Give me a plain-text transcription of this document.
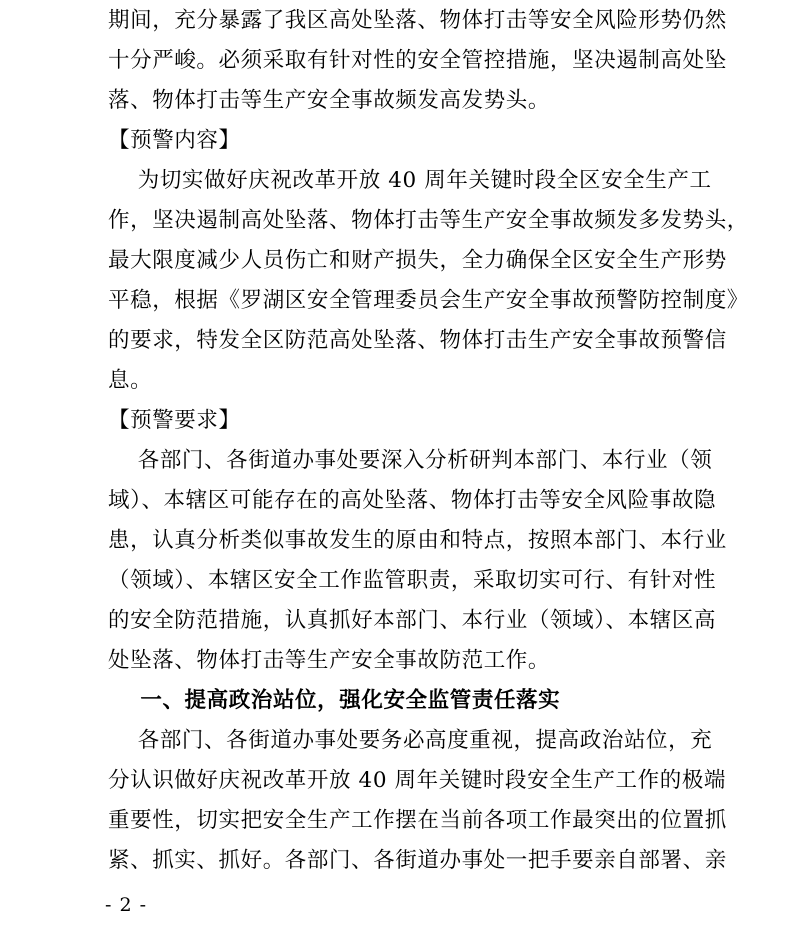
期间，充分暴露了我区高处坠落、物体打击等安全风险形势仍然
十分严峻。必须采取有针对性的安全管控措施，坚决遏制高处坠
落、物体打击等生产安全事故频发高发势头。
【预警内容】
为切实做好庆祝改革开放 40 周年关键时段全区安全生产工
作，坚决遏制高处坠落、物体打击等生产安全事故频发多发势头，
最大限度减少人员伤亡和财产损失，全力确保全区安全生产形势
平稳，根据《罗湖区安全管理委员会生产安全事故预警防控制度》
的要求，特发全区防范高处坠落、物体打击生产安全事故预警信
息。
【预警要求】
各部门、各街道办事处要深入分析研判本部门、本行业（领
域）、本辖区可能存在的高处坠落、物体打击等安全风险事故隐
患，认真分析类似事故发生的原由和特点，按照本部门、本行业
（领域）、本辖区安全工作监管职责，采取切实可行、有针对性
的安全防范措施，认真抓好本部门、本行业（领域）、本辖区高
处坠落、物体打击等生产安全事故防范工作。
一、提高政治站位，强化安全监管责任落实
各部门、各街道办事处要务必高度重视，提高政治站位，充
分认识做好庆祝改革开放 40 周年关键时段安全生产工作的极端
重要性，切实把安全生产工作摆在当前各项工作最突出的位置抓
紧、抓实、抓好。各部门、各街道办事处一把手要亲自部署、亲
- 2 -
